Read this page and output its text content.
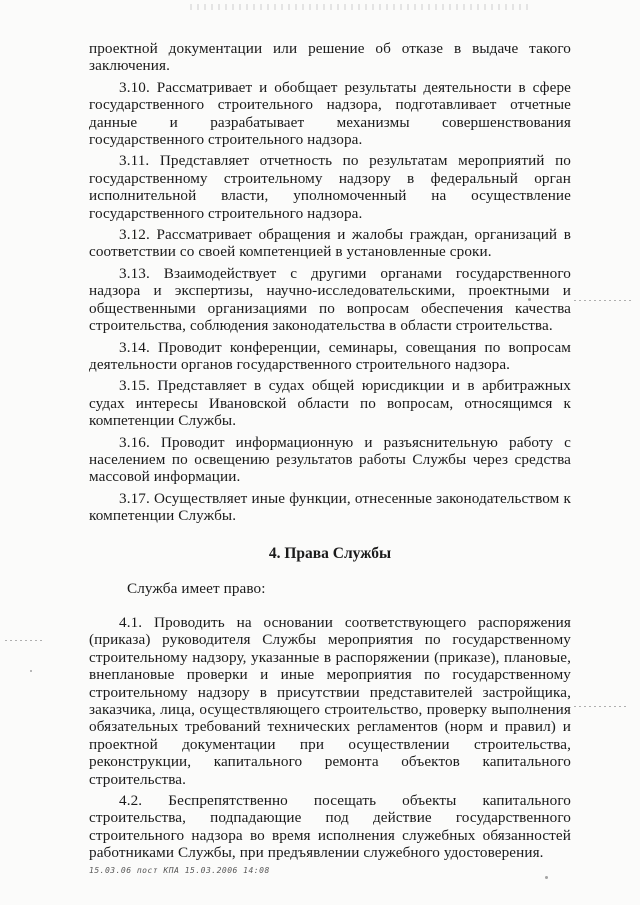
проектной документации или решение об отказе в выдаче такого заключения.

3.10. Рассматривает и обобщает результаты деятельности в сфере государственного строительного надзора, подготавливает отчетные данные и разрабатывает механизмы совершенствования государственного строительного надзора.

3.11. Представляет отчетность по результатам мероприятий по государственному строительному надзору в федеральный орган исполнительной власти, уполномоченный на осуществление государственного строительного надзора.

3.12. Рассматривает обращения и жалобы граждан, организаций в соответствии со своей компетенцией в установленные сроки.

3.13. Взаимодействует с другими органами государственного надзора и экспертизы, научно-исследовательскими, проектными и общественными организациями по вопросам обеспечения качества строительства, соблюдения законодательства в области строительства.

3.14. Проводит конференции, семинары, совещания по вопросам деятельности органов государственного строительного надзора.

3.15. Представляет в судах общей юрисдикции и в арбитражных судах интересы Ивановской области по вопросам, относящимся к компетенции Службы.

3.16. Проводит информационную и разъяснительную работу с населением по освещению результатов работы Службы через средства массовой информации.

3.17. Осуществляет иные функции, отнесенные законодательством к компетенции Службы.

4. Права Службы

Служба имеет право:

4.1. Проводить на основании соответствующего распоряжения (приказа) руководителя Службы мероприятия по государственному строительному надзору, указанные в распоряжении (приказе), плановые, внеплановые проверки и иные мероприятия по государственному строительному надзору в присутствии представителей застройщика, заказчика, лица, осуществляющего строительство, проверку выполнения обязательных требований технических регламентов (норм и правил) и проектной документации при осуществлении строительства, реконструкции, капитального ремонта объектов капитального строительства.

4.2. Беспрепятственно посещать объекты капитального строительства, подпадающие под действие государственного строительного надзора во время исполнения служебных обязанностей работниками Службы, при предъявлении служебного удостоверения.

15.03.06 пост КПА 15.03.2006 14:08
